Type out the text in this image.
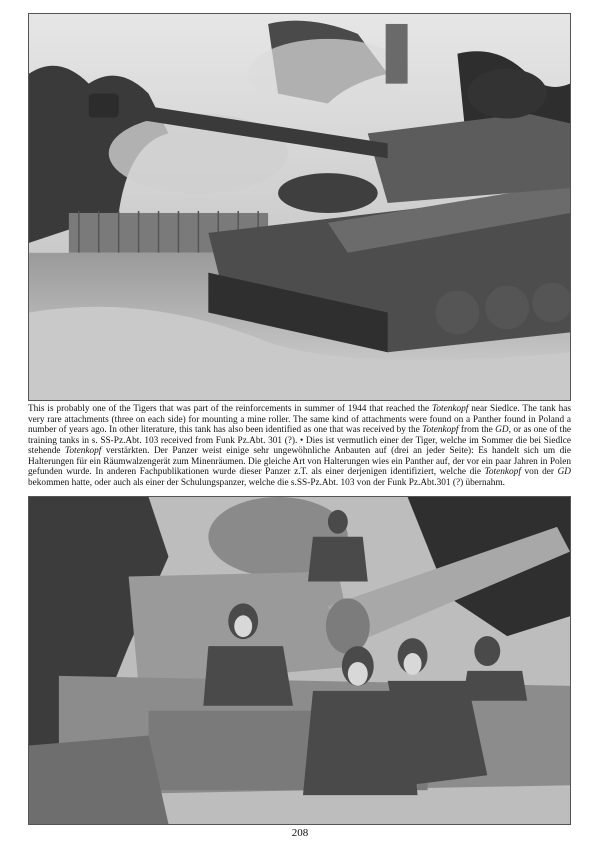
This is probably one of the Tigers that was part of the reinforcements in summer of 1944 that reached the Totenkopf near Siedlce. The tank has very rare attachments (three on each side) for mounting a mine roller. The same kind of attachments were found on a Panther found in Poland a number of years ago. In other literature, this tank has also been identified as one that was received by the Totenkopf from the GD, or as one of the training tanks in s. SS-Pz.Abt. 103 received from Funk Pz.Abt. 301 (?). • Dies ist vermutlich einer der Tiger, welche im Sommer die bei Siedlce stehende Totenkopf verstärkten. Der Panzer weist einige sehr ungewöhnliche Anbauten auf (drei an jeder Seite): Es handelt sich um die Halterungen für ein Räumwalzengerät zum Minenräumen. Die gleiche Art von Halterungen wies ein Panther auf, der vor ein paar Jahren in Polen gefunden wurde. In anderen Fachpublikationen wurde dieser Panzer z.T. als einer derjenigen identifiziert, welche die Totenkopf von der GD bekommen hatte, oder auch als einer der Schulungspanzer, welche die s.SS-Pz.Abt. 103 von der Funk Pz.Abt.301 (?) übernahm.
208
